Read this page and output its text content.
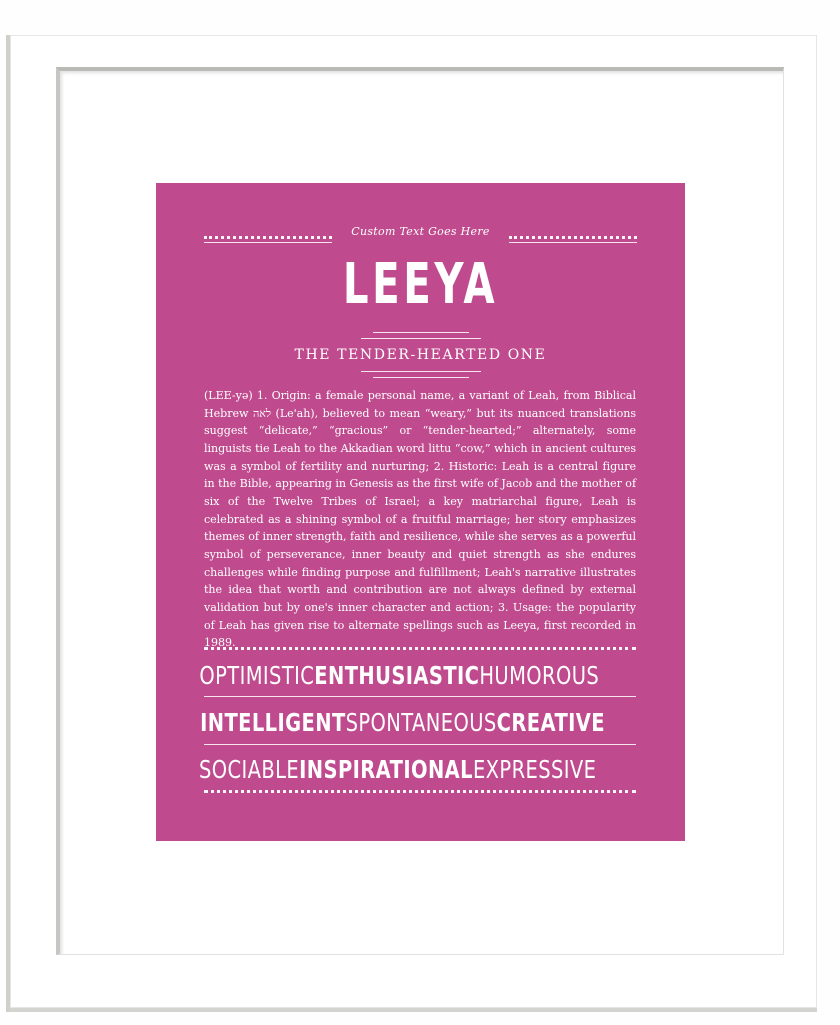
Custom Text Goes Here
LEEYA
THE TENDER-HEARTED ONE
(LEE-yə) 1. Origin: a female personal name, a variant of Leah, from Biblical Hebrew לאה (Le'ah), believed to mean “weary,” but its nuanced translations suggest “delicate,” “gracious” or “tender-hearted;” alternately, some linguists tie Leah to the Akkadian word littu “cow,” which in ancient cultures was a symbol of fertility and nurturing; 2. Historic: Leah is a central figure in the Bible, appearing in Genesis as the first wife of Jacob and the mother of six of the Twelve Tribes of Israel; a key matriarchal figure, Leah is celebrated as a shining symbol of a fruitful marriage; her story emphasizes themes of inner strength, faith and resilience, while she serves as a powerful symbol of perseverance, inner beauty and quiet strength as she endures challenges while finding purpose and fulfillment; Leah's narrative illustrates the idea that worth and contribution are not always defined by external validation but by one's inner character and action; 3. Usage: the popularity of Leah has given rise to alternate spellings such as Leeya, first recorded in 1989.
OPTIMISTIC ENTHUSIASTIC HUMOROUS
INTELLIGENT SPONTANEOUS CREATIVE
SOCIABLE INSPIRATIONAL EXPRESSIVE
